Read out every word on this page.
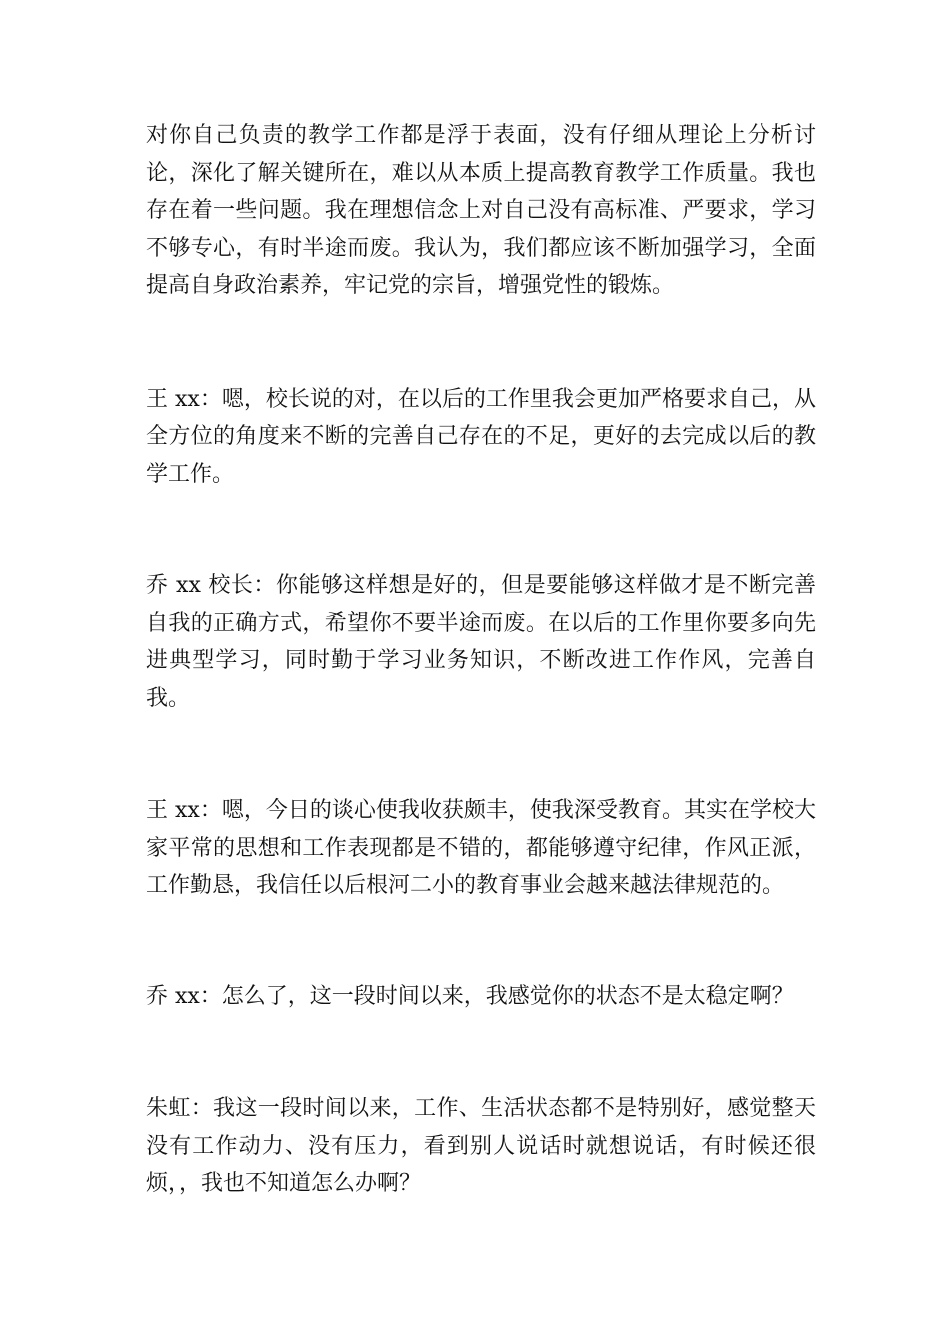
对你自己负责的教学工作都是浮于表面，没有仔细从理论上分析讨论，深化了解关键所在，难以从本质上提高教育教学工作质量。我也存在着一些问题。我在理想信念上对自己没有高标准、严要求，学习不够专心，有时半途而废。我认为，我们都应该不断加强学习，全面提高自身政治素养，牢记党的宗旨，增强党性的锻炼。

王 xx：嗯，校长说的对，在以后的工作里我会更加严格要求自己，从全方位的角度来不断的完善自己存在的不足，更好的去完成以后的教学工作。

乔 xx 校长：你能够这样想是好的，但是要能够这样做才是不断完善自我的正确方式，希望你不要半途而废。在以后的工作里你要多向先进典型学习，同时勤于学习业务知识，不断改进工作作风，完善自我。

王 xx：嗯，今日的谈心使我收获颇丰，使我深受教育。其实在学校大家平常的思想和工作表现都是不错的，都能够遵守纪律，作风正派，工作勤恳，我信任以后根河二小的教育事业会越来越法律规范的。

乔 xx：怎么了，这一段时间以来，我感觉你的状态不是太稳定啊？

朱虹：我这一段时间以来，工作、生活状态都不是特别好，感觉整天没有工作动力、没有压力，看到别人说话时就想说话，有时候还很烦，，我也不知道怎么办啊？
